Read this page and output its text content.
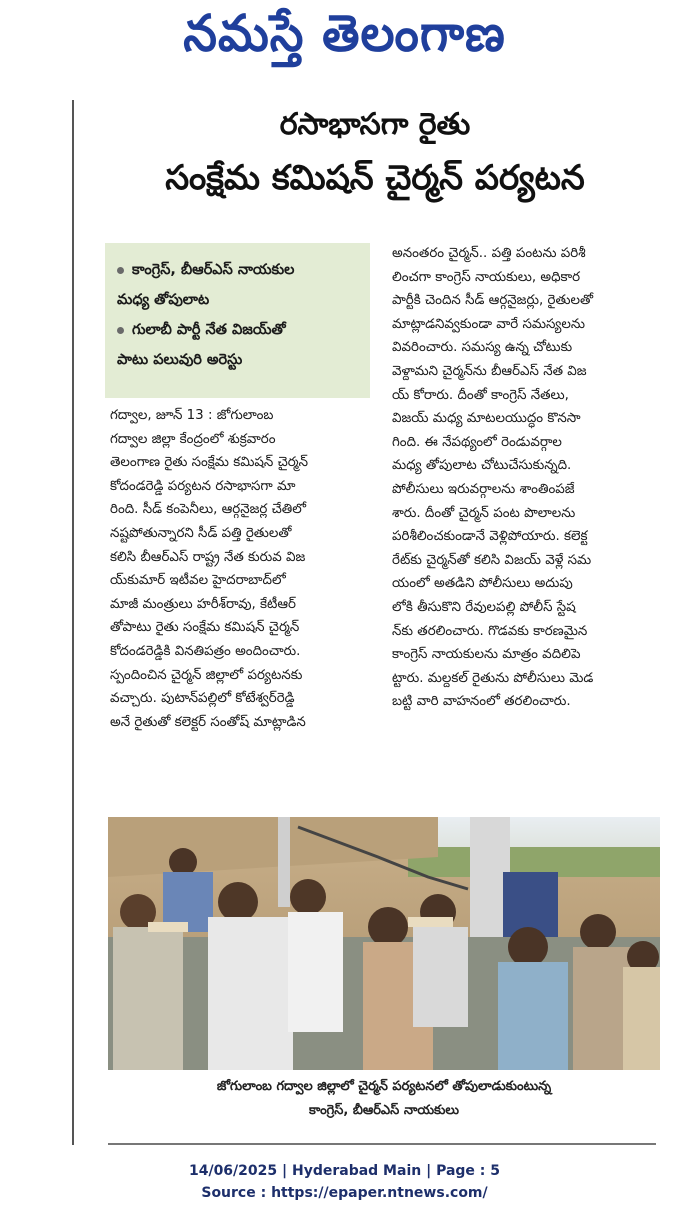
నమస్తే తెలంగాణ
రసాభాసగా రైతు
సంక్షేమ కమిషన్ చైర్మన్ పర్యటన
కాంగ్రెస్, బీఆర్ఎస్ నాయకుల
మధ్య తోపులాట
గులాబీ పార్టీ నేత విజయ్‌తో
పాటు పలువురి అరెస్టు

గద్వాల, జూన్ 13 : జోగులాంబ

గద్వాల జిల్లా కేంద్రంలో శుక్రవారం

తెలంగాణ రైతు సంక్షేమ కమిషన్ చైర్మన్

కోదండరెడ్డి పర్యటన రసాభాసగా మా

రింది. సీడ్ కంపెనీలు, ఆర్గనైజర్ల చేతిలో

నష్టపోతున్నారని సీడ్ పత్తి రైతులతో

కలిసి బీఆర్ఎస్ రాష్ట్ర నేత కురువ విజ

య్‌కుమార్ ఇటీవల హైదరాబాద్‌లో

మాజీ మంత్రులు హరీశ్‌రావు, కేటీఆర్

తోపాటు రైతు సంక్షేమ కమిషన్ చైర్మన్

కోదండరెడ్డికి వినతిపత్రం అందించారు.

స్పందించిన చైర్మన్ జిల్లాలో పర్యటనకు

వచ్చారు. పుటాన్‌పల్లిలో కోటేశ్వర్‌రెడ్డి

అనే రైతుతో కలెక్టర్ సంతోష్ మాట్లాడిన

అనంతరం చైర్మన్.. పత్తి పంటను పరిశీ

లించగా కాంగ్రెస్ నాయకులు, అధికార

పార్టీకి చెందిన సీడ్ ఆర్గనైజర్లు, రైతులతో

మాట్లాడనివ్వకుండా వారే సమస్యలను

వివరించారు. సమస్య ఉన్న చోటుకు

వెళ్దామని చైర్మన్‌ను బీఆర్ఎస్ నేత విజ

య్ కోరారు. దీంతో కాంగ్రెస్ నేతలు,

విజయ్ మధ్య మాటలయుద్ధం కొనసా

గింది. ఈ నేపథ్యంలో రెండువర్గాల

మధ్య తోపులాట చోటుచేసుకున్నది.

పోలీసులు ఇరువర్గాలను శాంతింపజే

శారు. దీంతో చైర్మన్ పంట పొలాలను

పరిశీలించకుండానే వెళ్లిపోయారు. కలెక్ట

రేట్‌కు చైర్మన్‌తో కలిసి విజయ్ వెళ్లే సమ

యంలో అతడిని పోలీసులు అదుపు

లోకి తీసుకొని రేవులపల్లి పోలీస్ స్టేష

న్‌కు తరలించారు. గొడవకు కారణమైన

కాంగ్రెస్ నాయకులను మాత్రం వదిలిపె

ట్టారు. మల్దకల్ రైతును పోలీసులు మెడ

బట్టి వారి వాహనంలో తరలించారు.

జోగులాంబ గద్వాల జిల్లాలో చైర్మన్ పర్యటనలో తోపులాడుకుంటున్న
కాంగ్రెస్, బీఆర్ఎస్ నాయకులు
14/06/2025 | Hyderabad Main | Page : 5
Source : https://epaper.ntnews.com/
